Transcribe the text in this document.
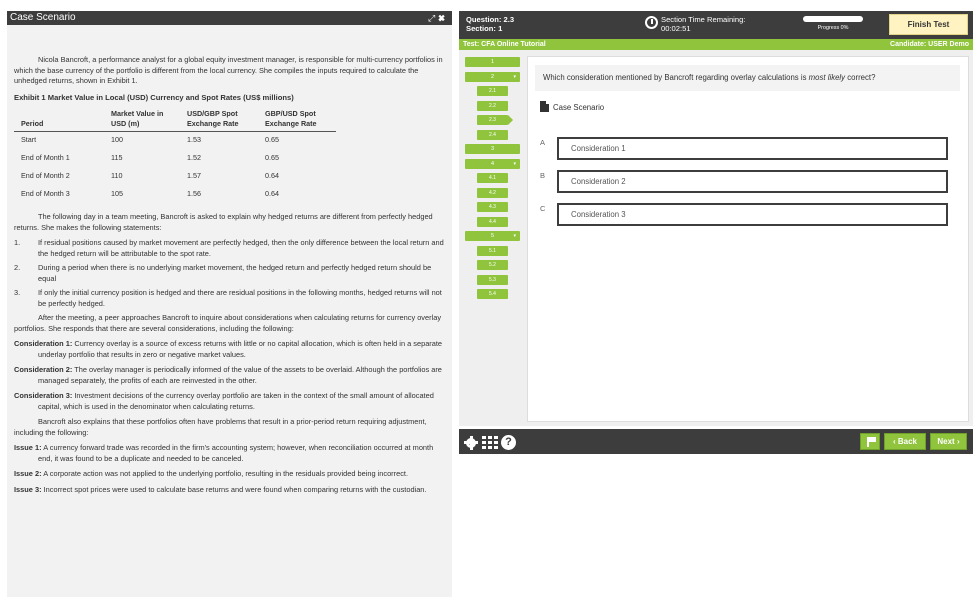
Case Scenario	⤢✖

Nicola Bancroft, a performance analyst for a global equity investment manager, is responsible for multi-currency portfolios in which the base currency of the portfolio is different from the local currency. She compiles the inputs required to calculate the unhedged returns, shown in Exhibit 1.

Exhibit 1 Market Value in Local (USD) Currency and Spot Rates (US$ millions)
Period	Market Value in USD (m)	USD/GBP Spot Exchange Rate	GBP/USD Spot Exchange Rate
Start	100	1.53	0.65
End of Month 1	115	1.52	0.65
End of Month 2	110	1.57	0.64
End of Month 3	105	1.56	0.64

The following day in a team meeting, Bancroft is asked to explain why hedged returns are different from perfectly hedged returns. She makes the following statements:

1. If residual positions caused by market movement are perfectly hedged, then the only difference between the local return and the hedged return will be attributable to the spot rate.
2. During a period when there is no underlying market movement, the hedged return and perfectly hedged return should be equal
3. If only the initial currency position is hedged and there are residual positions in the following months, hedged returns will not be perfectly hedged.

After the meeting, a peer approaches Bancroft to inquire about considerations when calculating returns for currency overlay portfolios. She responds that there are several considerations, including the following:

Consideration 1: Currency overlay is a source of excess returns with little or no capital allocation, which is often held in a separate underlay portfolio that results in zero or negative market values.
Consideration 2: The overlay manager is periodically informed of the value of the assets to be overlaid. Although the portfolios are managed separately, the profits of each are reinvested in the other.
Consideration 3: Investment decisions of the currency overlay portfolio are taken in the context of the small amount of allocated capital, which is used in the denominator when calculating returns.

Bancroft also explains that these portfolios often have problems that result in a prior-period return requiring adjustment, including the following:

Issue 1: A currency forward trade was recorded in the firm's accounting system; however, when reconciliation occurred at month end, it was found to be a duplicate and needed to be canceled.
Issue 2: A corporate action was not applied to the underlying portfolio, resulting in the residuals provided being incorrect.
Issue 3: Incorrect spot prices were used to calculate base returns and were found when comparing returns with the custodian.
Question: 2.3
Section: 1
Section Time Remaining:
00:02:51	Progress 0%	Finish Test
Test: CFA Online Tutorial	Candidate: USER Demo
1
2	▾
2.1
2.2
2.3
2.4
3
4	▾
4.1
4.2
4.3
4.4
5	▾
5.1
5.2
5.3
5.4
Which consideration mentioned by Bancroft regarding overlay calculations is most likely correct?
Case Scenario
A
Consideration 1
B
Consideration 2
C
Consideration 3
?	‹ Back	Next ›
